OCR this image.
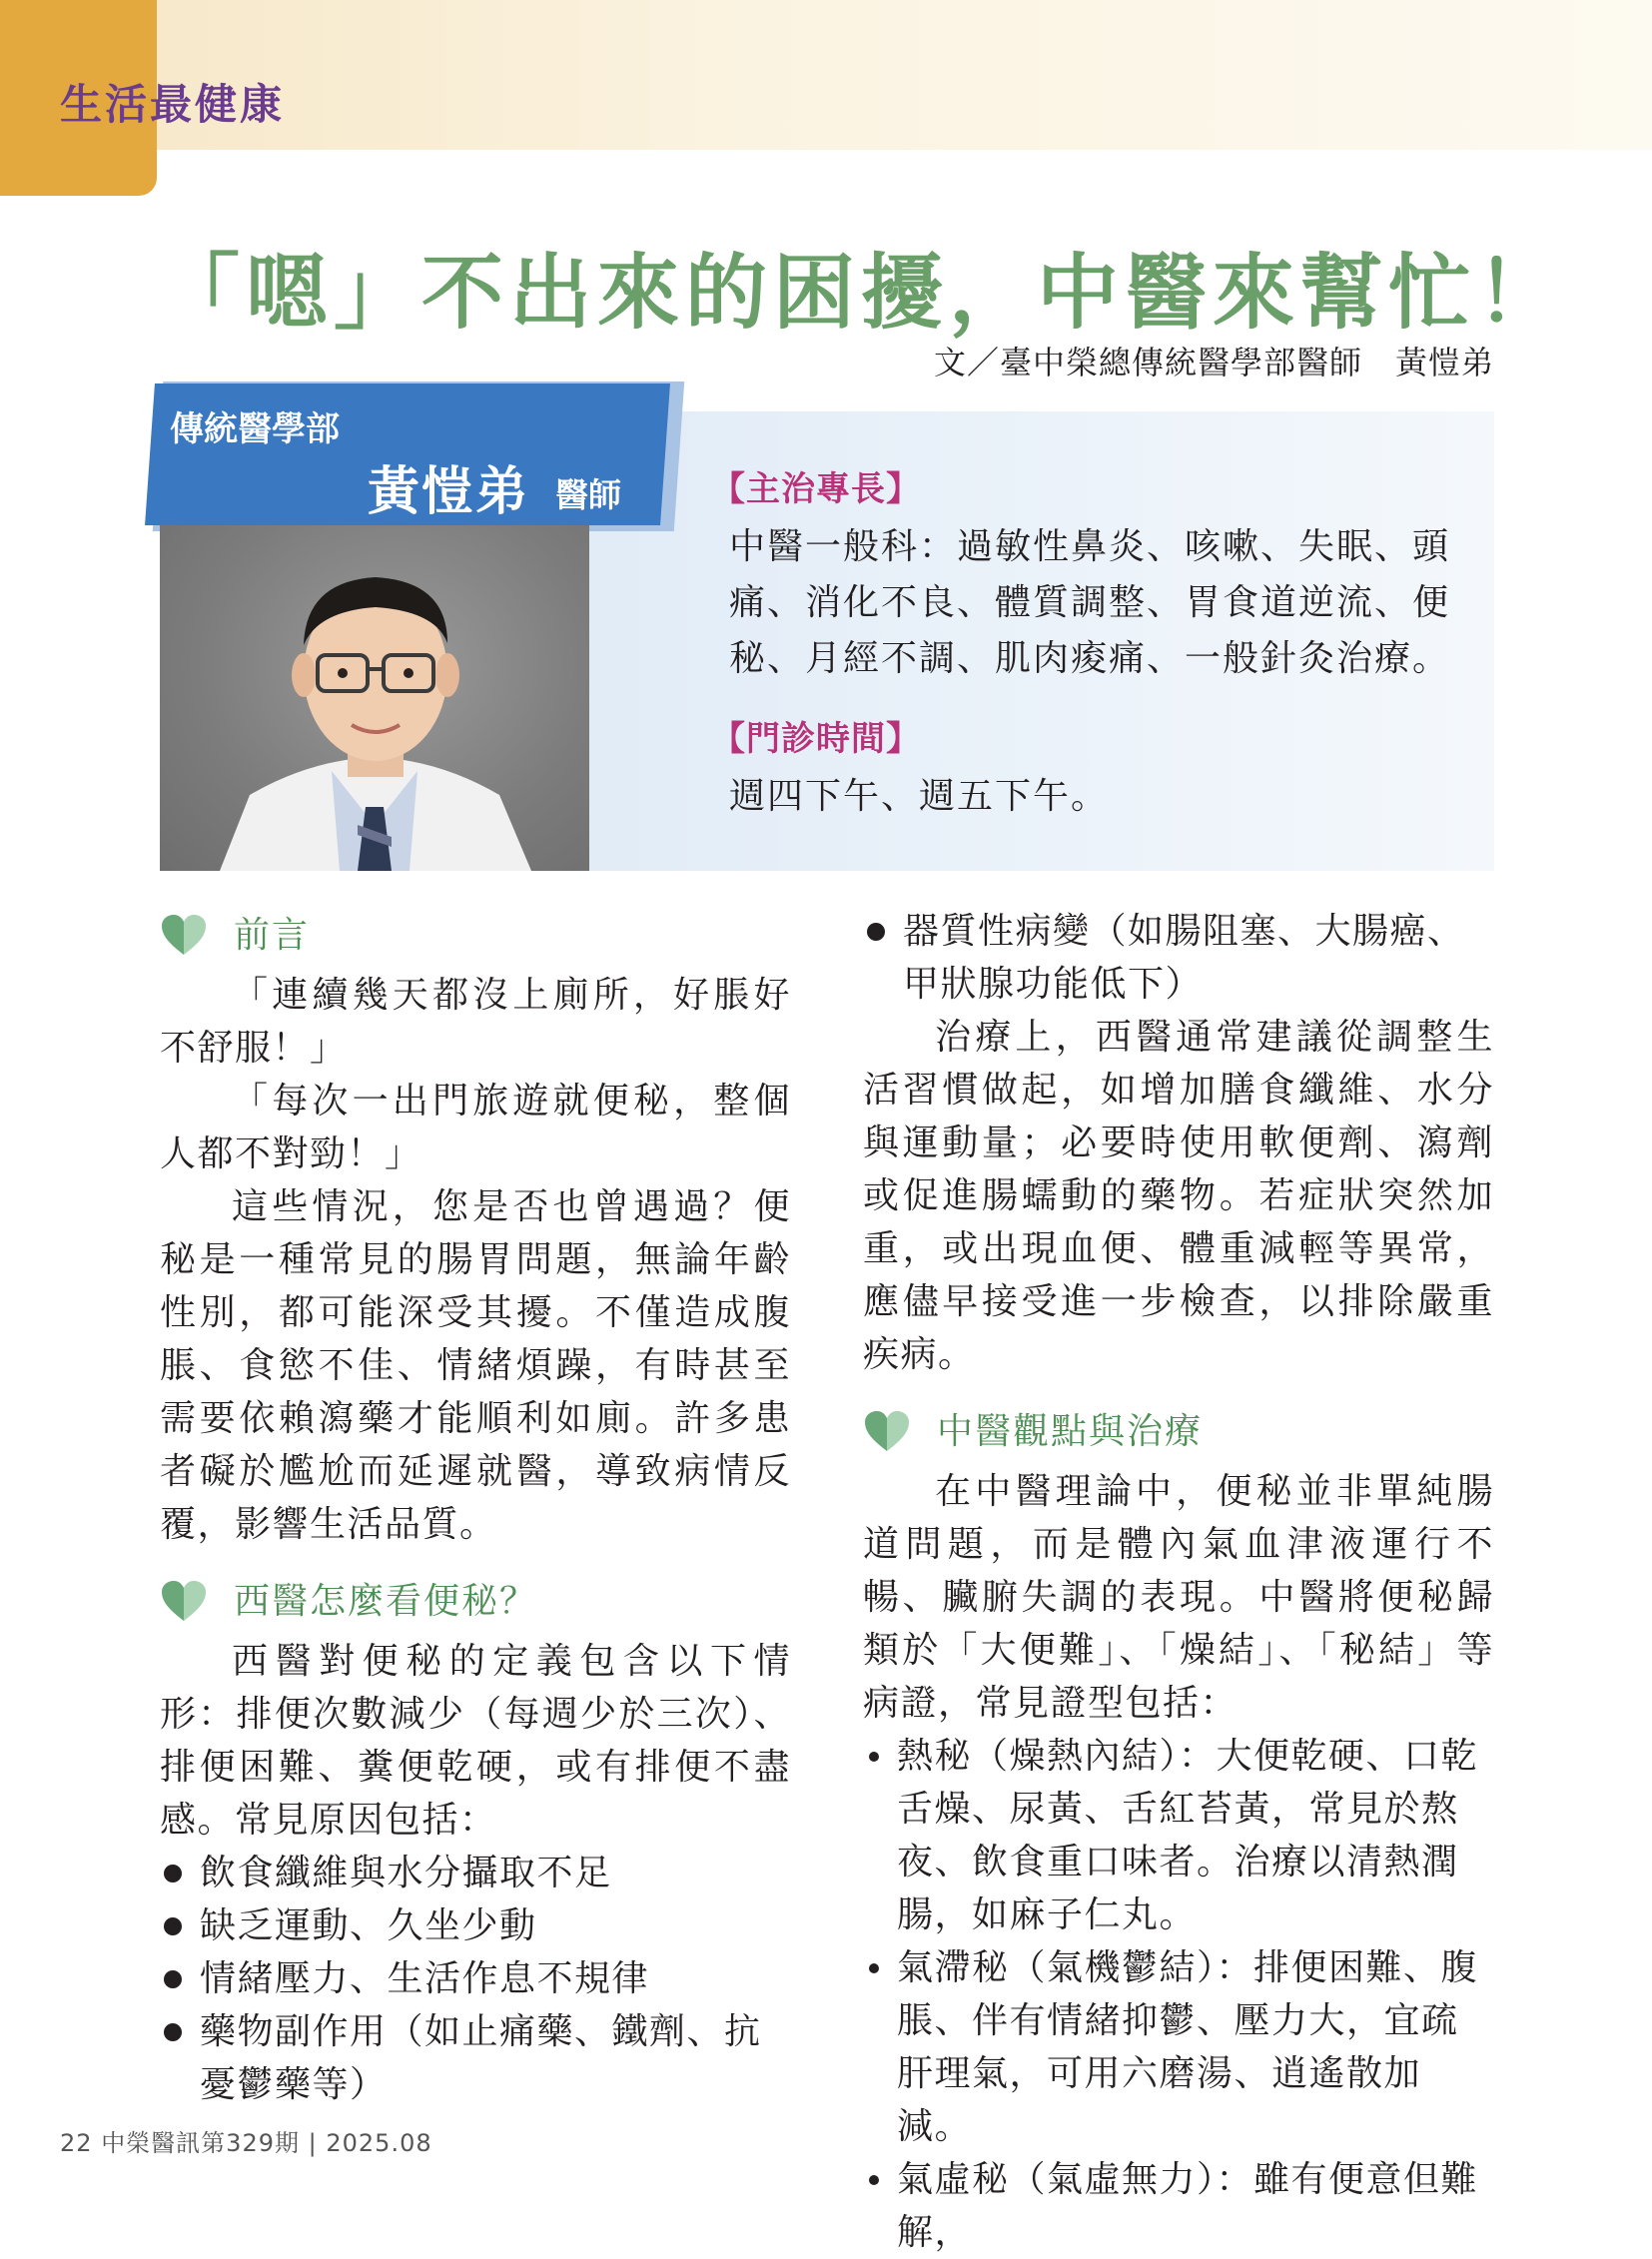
生活最健康
「嗯」不出來的困擾，中醫來幫忙！
文／臺中榮總傳統醫學部醫師　黃愷弟
傳統醫學部
黃愷弟 醫師	【主治專長】
中醫一般科：過敏性鼻炎、咳嗽、失眠、頭
痛、消化不良、體質調整、胃食道逆流、便
秘、月經不調、肌肉痠痛、一般針灸治療。
【門診時間】
週四下午、週五下午。
前言

「連續幾天都沒上廁所，好脹好不舒服！」

「每次一出門旅遊就便秘，整個人都不對勁！」

這些情況，您是否也曾遇過？便秘是一種常見的腸胃問題，無論年齡性別，都可能深受其擾。不僅造成腹脹、食慾不佳、情緒煩躁，有時甚至需要依賴瀉藥才能順利如廁。許多患者礙於尷尬而延遲就醫，導致病情反覆，影響生活品質。

西醫怎麼看便秘？

西醫對便秘的定義包含以下情形：排便次數減少（每週少於三次）、排便困難、糞便乾硬，或有排便不盡感。常見原因包括：

飲食纖維與水分攝取不足
缺乏運動、久坐少動
情緒壓力、生活作息不規律
藥物副作用（如止痛藥、鐵劑、抗憂鬱藥等）
器質性病變（如腸阻塞、大腸癌、甲狀腺功能低下）

治療上，西醫通常建議從調整生活習慣做起，如增加膳食纖維、水分與運動量；必要時使用軟便劑、瀉劑或促進腸蠕動的藥物。若症狀突然加重，或出現血便、體重減輕等異常，應儘早接受進一步檢查，以排除嚴重疾病。

中醫觀點與治療

在中醫理論中，便秘並非單純腸道問題，而是體內氣血津液運行不暢、臟腑失調的表現。中醫將便秘歸類於「大便難」、「燥結」、「秘結」等病證，常見證型包括：

熱秘（燥熱內結）：大便乾硬、口乾舌燥、尿黃、舌紅苔黃，常見於熬夜、飲食重口味者。治療以清熱潤腸，如麻子仁丸。
氣滯秘（氣機鬱結）：排便困難、腹脹、伴有情緒抑鬱、壓力大，宜疏肝理氣，可用六磨湯、逍遙散加減。
氣虛秘（氣虛無力）：雖有便意但難解，
22 中榮醫訊第329期 | 2025.08
